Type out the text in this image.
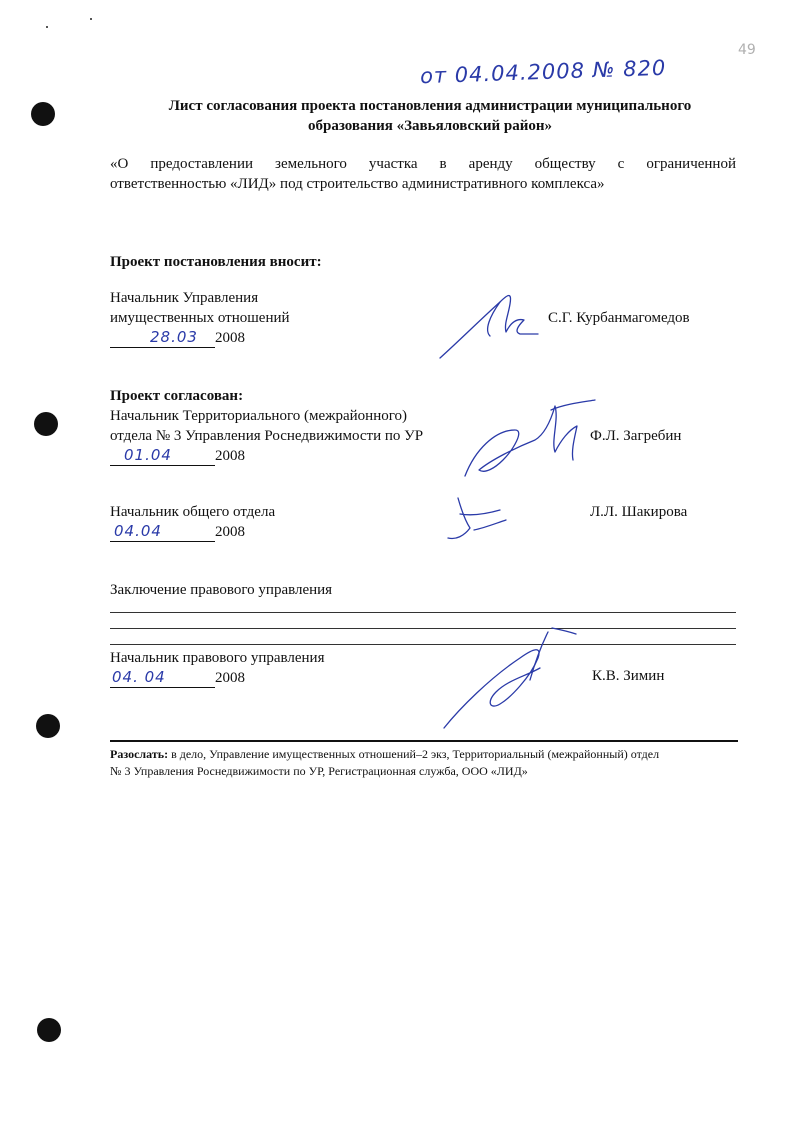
от 04.04.2008 № 820
49
Лист согласования проекта постановления администрации муниципального
образования «Завьяловский район»
«О предоставлении земельного участка в аренду обществу с ограниченной
ответственностью «ЛИД» под строительство административного комплекса»
Проект постановления вносит:
Начальник Управления
имущественных отношений
28.03 2008
С.Г. Курбанмагомедов
Проект согласован:
Начальник Территориального (межрайонного)
отдела № 3 Управления Роснедвижимости по УР
01.04	2008
Ф.Л. Загребин
Начальник общего отдела
04.04	2008
Л.Л. Шакирова
Заключение правового управления
Начальник правового управления
04. 04	2008	К.В. Зимин
Разослать: в дело, Управление имущественных отношений–2 экз, Территориальный (межрайонный) отдел
№ 3 Управления Роснедвижимости по УР, Регистрационная служба, ООО «ЛИД»
